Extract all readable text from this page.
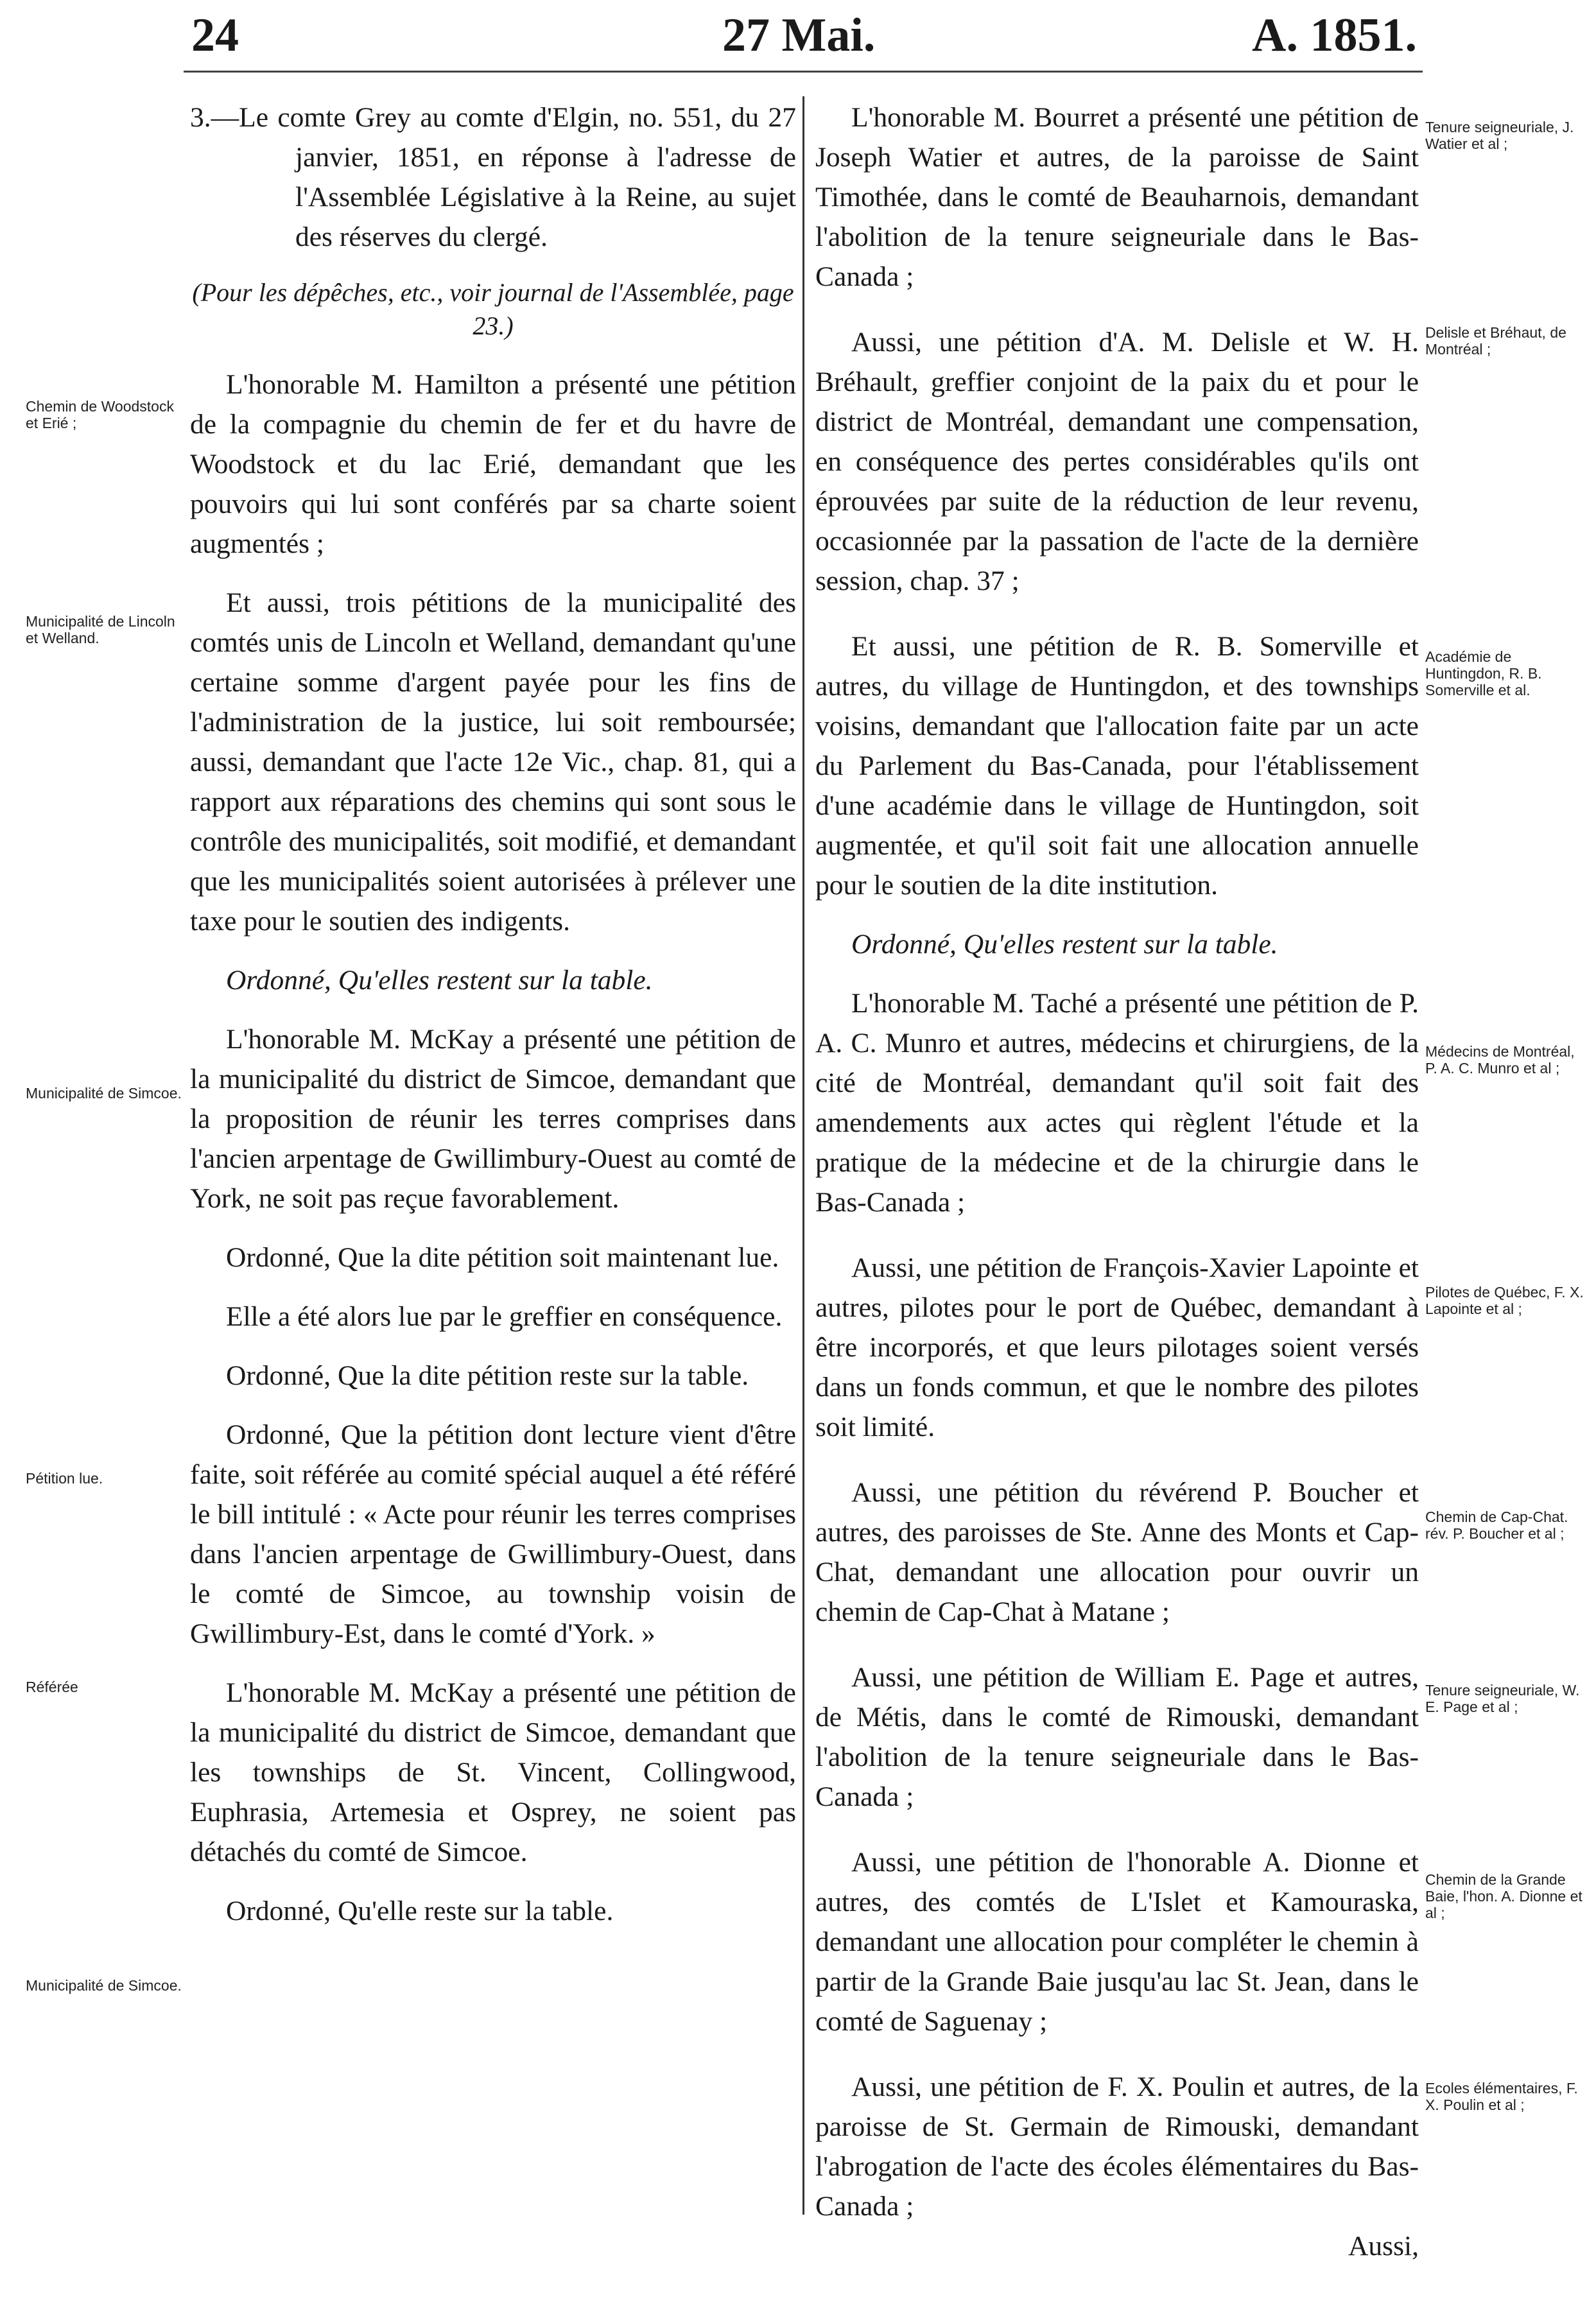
24	27 Mai.	A. 1851.
Chemin de Woodstock et Erié ;
Municipalité de Lincoln et Welland.
Municipalité de Simcoe.
Pétition lue.
Référée
Municipalité de Simcoe.
Tenure seigneuriale, J. Watier et al ;
Delisle et Bréhaut, de Montréal ;
Académie de Huntingdon, R. B. Somerville et al.
Médecins de Montréal, P. A. C. Munro et al ;
Pilotes de Québec, F. X. Lapointe et al ;
Chemin de Cap-Chat. rév. P. Boucher et al ;
Tenure seigneuriale, W. E. Page et al ;
Chemin de la Grande Baie, l'hon. A. Dionne et al ;
Ecoles élémentaires, F. X. Poulin et al ;

3.—Le comte Grey au comte d'Elgin, no. 551, du 27 janvier, 1851, en réponse à l'adresse de l'Assemblée Législative à la Reine, au sujet des réserves du clergé.

(Pour les dépêches, etc., voir journal de l'Assemblée, page 23.)

L'honorable M. Hamilton a présenté une pétition de la compagnie du chemin de fer et du havre de Woodstock et du lac Erié, demandant que les pouvoirs qui lui sont conférés par sa charte soient augmentés ;

Et aussi, trois pétitions de la municipalité des comtés unis de Lincoln et Welland, demandant qu'une certaine somme d'argent payée pour les fins de l'administration de la justice, lui soit remboursée; aussi, demandant que l'acte 12e Vic., chap. 81, qui a rapport aux réparations des chemins qui sont sous le contrôle des municipalités, soit modifié, et demandant que les municipalités soient autorisées à prélever une taxe pour le soutien des indigents.

Ordonné, Qu'elles restent sur la table.

L'honorable M. McKay a présenté une pétition de la municipalité du district de Simcoe, demandant que la proposition de réunir les terres comprises dans l'ancien arpentage de Gwillimbury-Ouest au comté de York, ne soit pas reçue favorablement.

Ordonné, Que la dite pétition soit maintenant lue.

Elle a été alors lue par le greffier en conséquence.

Ordonné, Que la dite pétition reste sur la table.

Ordonné, Que la pétition dont lecture vient d'être faite, soit référée au comité spécial auquel a été référé le bill intitulé : « Acte pour réunir les terres comprises dans l'ancien arpentage de Gwillimbury-Ouest, dans le comté de Simcoe, au township voisin de Gwillimbury-Est, dans le comté d'York. »

L'honorable M. McKay a présenté une pétition de la municipalité du district de Simcoe, demandant que les townships de St. Vincent, Collingwood, Euphrasia, Artemesia et Osprey, ne soient pas détachés du comté de Simcoe.

Ordonné, Qu'elle reste sur la table.

L'honorable M. Bourret a présenté une pétition de Joseph Watier et autres, de la paroisse de Saint Timothée, dans le comté de Beauharnois, demandant l'abolition de la tenure seigneuriale dans le Bas-Canada ;

Aussi, une pétition d'A. M. Delisle et W. H. Bréhault, greffier conjoint de la paix du et pour le district de Montréal, demandant une compensation, en conséquence des pertes considérables qu'ils ont éprouvées par suite de la réduction de leur revenu, occasionnée par la passation de l'acte de la dernière session, chap. 37 ;

Et aussi, une pétition de R. B. Somerville et autres, du village de Huntingdon, et des townships voisins, demandant que l'allocation faite par un acte du Parlement du Bas-Canada, pour l'établissement d'une académie dans le village de Huntingdon, soit augmentée, et qu'il soit fait une allocation annuelle pour le soutien de la dite institution.

Ordonné, Qu'elles restent sur la table.

L'honorable M. Taché a présenté une pétition de P. A. C. Munro et autres, médecins et chirurgiens, de la cité de Montréal, demandant qu'il soit fait des amendements aux actes qui règlent l'étude et la pratique de la médecine et de la chirurgie dans le Bas-Canada ;

Aussi, une pétition de François-Xavier Lapointe et autres, pilotes pour le port de Québec, demandant à être incorporés, et que leurs pilotages soient versés dans un fonds commun, et que le nombre des pilotes soit limité.

Aussi, une pétition du révérend P. Boucher et autres, des paroisses de Ste. Anne des Monts et Cap-Chat, demandant une allocation pour ouvrir un chemin de Cap-Chat à Matane ;

Aussi, une pétition de William E. Page et autres, de Métis, dans le comté de Rimouski, demandant l'abolition de la tenure seigneuriale dans le Bas-Canada ;

Aussi, une pétition de l'honorable A. Dionne et autres, des comtés de L'Islet et Kamouraska, demandant une allocation pour compléter le chemin à partir de la Grande Baie jusqu'au lac St. Jean, dans le comté de Saguenay ;

Aussi, une pétition de F. X. Poulin et autres, de la paroisse de St. Germain de Rimouski, demandant l'abrogation de l'acte des écoles élémentaires du Bas-Canada ;

Aussi,
